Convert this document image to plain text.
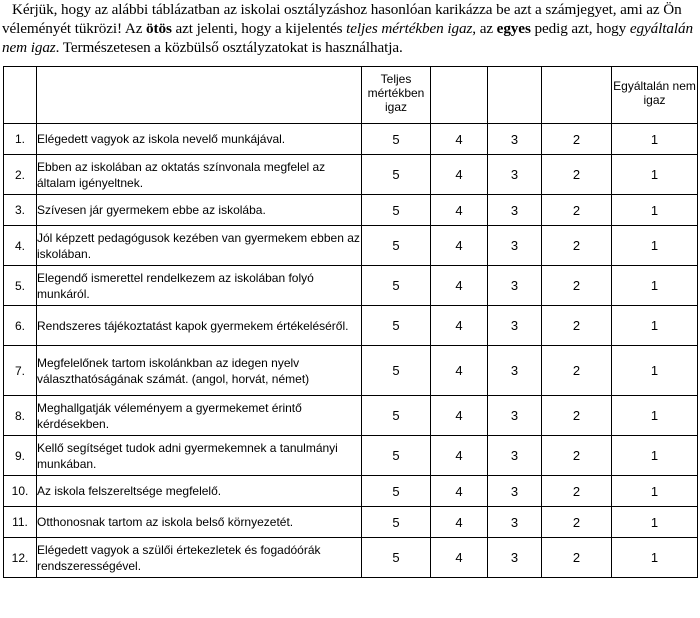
Kérjük, hogy az alábbi táblázatban az iskolai osztályzáshoz hasonlóan karikázza be azt a számjegyet, ami az Ön véleményét tükrözi! Az ötös azt jelenti, hogy a kijelentés teljes mértékben igaz, az egyes pedig azt, hogy egyáltalán nem igaz. Természetesen a közbülső osztályzatokat is használhatja.
		Teljes mértékben igaz				Egyáltalán nem igaz
1.	Elégedett vagyok az iskola nevelő munkájával.	5	4	3	2	1
2.	Ebben az iskolában az oktatás színvonala megfelel az általam igényeltnek.	5	4	3	2	1
3.	Szívesen jár gyermekem ebbe az iskolába.	5	4	3	2	1
4.	Jól képzett pedagógusok kezében van gyermekem ebben az iskolában.	5	4	3	2	1
5.	Elegendő ismerettel rendelkezem az iskolában folyó munkáról.	5	4	3	2	1
6.	Rendszeres tájékoztatást kapok gyermekem értékeléséről.	5	4	3	2	1
7.	Megfelelőnek tartom iskolánkban az idegen nyelv választhatóságának számát. (angol, horvát, német)	5	4	3	2	1
8.	Meghallgatják véleményem a gyermekemet érintő kérdésekben.	5	4	3	2	1
9.	Kellő segítséget tudok adni gyermekemnek a tanulmányi munkában.	5	4	3	2	1
10.	Az iskola felszereltsége megfelelő.	5	4	3	2	1
11.	Otthonosnak tartom az iskola belső környezetét.	5	4	3	2	1
12.	Elégedett vagyok a szülői értekezletek és fogadóórák rendszerességével.	5	4	3	2	1
